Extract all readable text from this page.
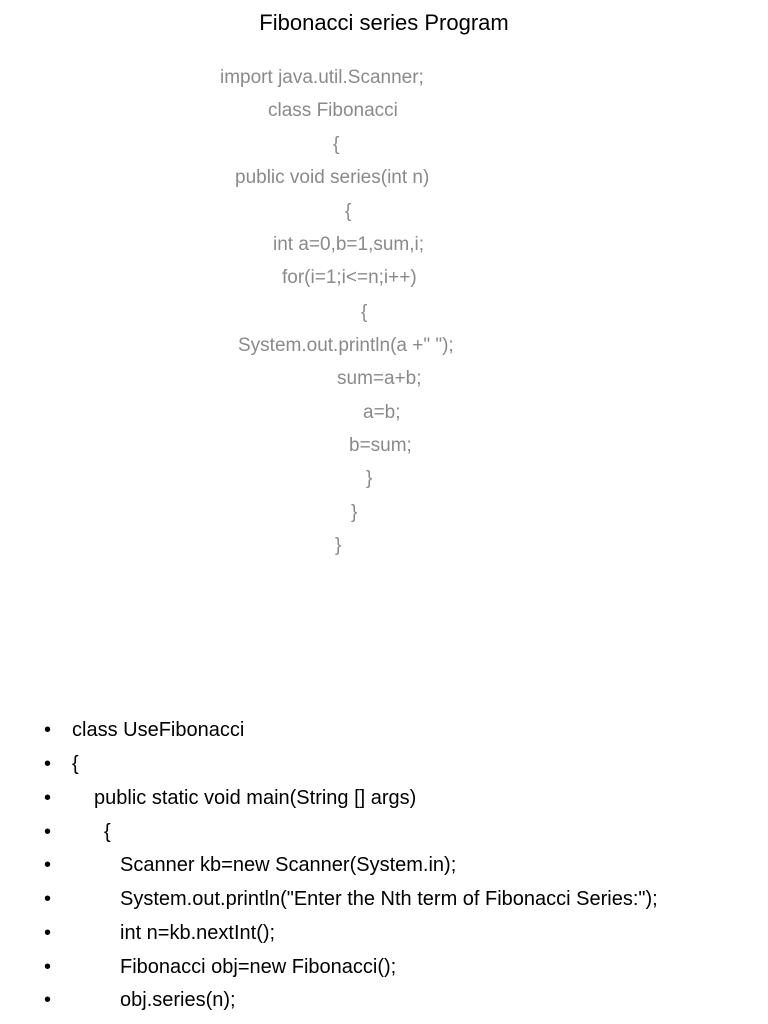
Fibonacci series Program
import java.util.Scanner;
class Fibonacci
{
public void series(int n)
{
int a=0,b=1,sum,i;
for(i=1;i<=n;i++)
{
System.out.println(a +" ");
sum=a+b;
a=b;
b=sum;
}
}
}
• class UseFibonacci
• {
• public static void main(String [] args)
•	{
•	Scanner kb=new Scanner(System.in);
•	System.out.println("Enter the Nth term of Fibonacci Series:");
•	int n=kb.nextInt();
•	Fibonacci obj=new Fibonacci();
•	obj.series(n);
